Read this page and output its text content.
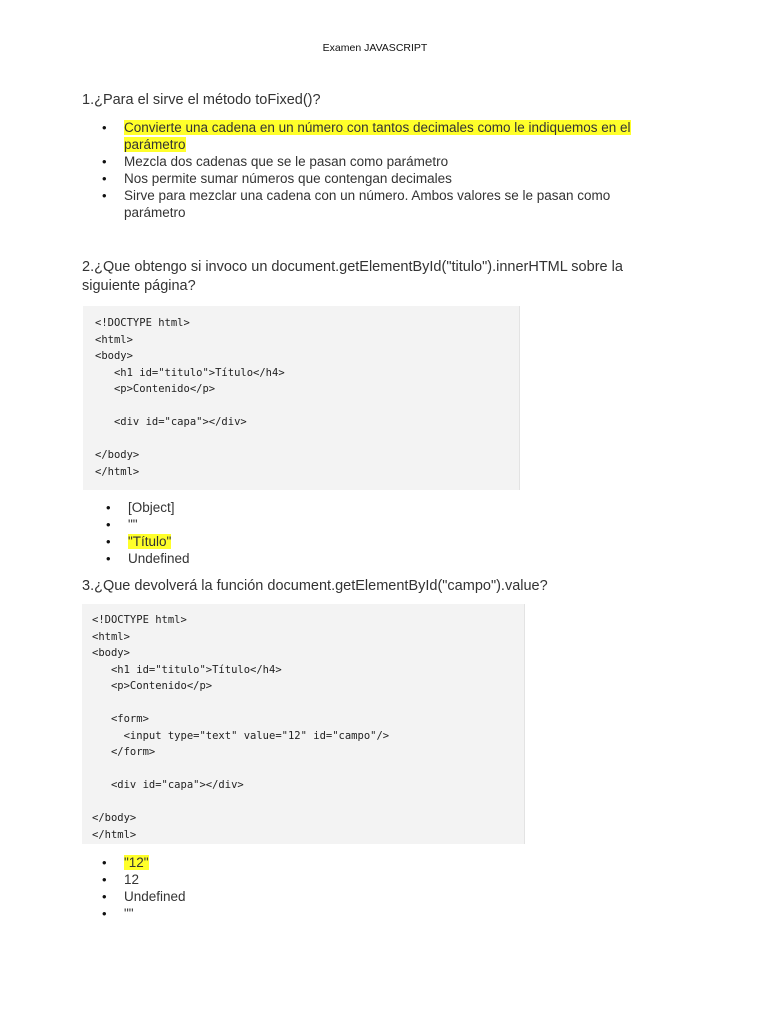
Examen JAVASCRIPT
1.¿Para el sirve el método toFixed()?
• Convierte una cadena en un número con tantos decimales como le indiquemos en el
parámetro
• Mezcla dos cadenas que se le pasan como parámetro
• Nos permite sumar números que contengan decimales
• Sirve para mezclar una cadena con un número. Ambos valores se le pasan como
parámetro
2.¿Que obtengo si invoco un document.getElementById("titulo").innerHTML sobre la
siguiente página?
<!DOCTYPE html>
<html>
<body>
<h1 id="titulo">Título</h4>
<p>Contenido</p>
<div id="capa"></div>
</body>
</html>
• [Object]
• ""
• "Título"
• Undefined
3.¿Que devolverá la función document.getElementById("campo").value?
<!DOCTYPE html>
<html>
<body>
<h1 id="titulo">Título</h4>
<p>Contenido</p>
<form>
<input type="text" value="12" id="campo"/>
</form>
<div id="capa"></div>
</body>
</html>
• "12"
• 12
• Undefined
• ""
